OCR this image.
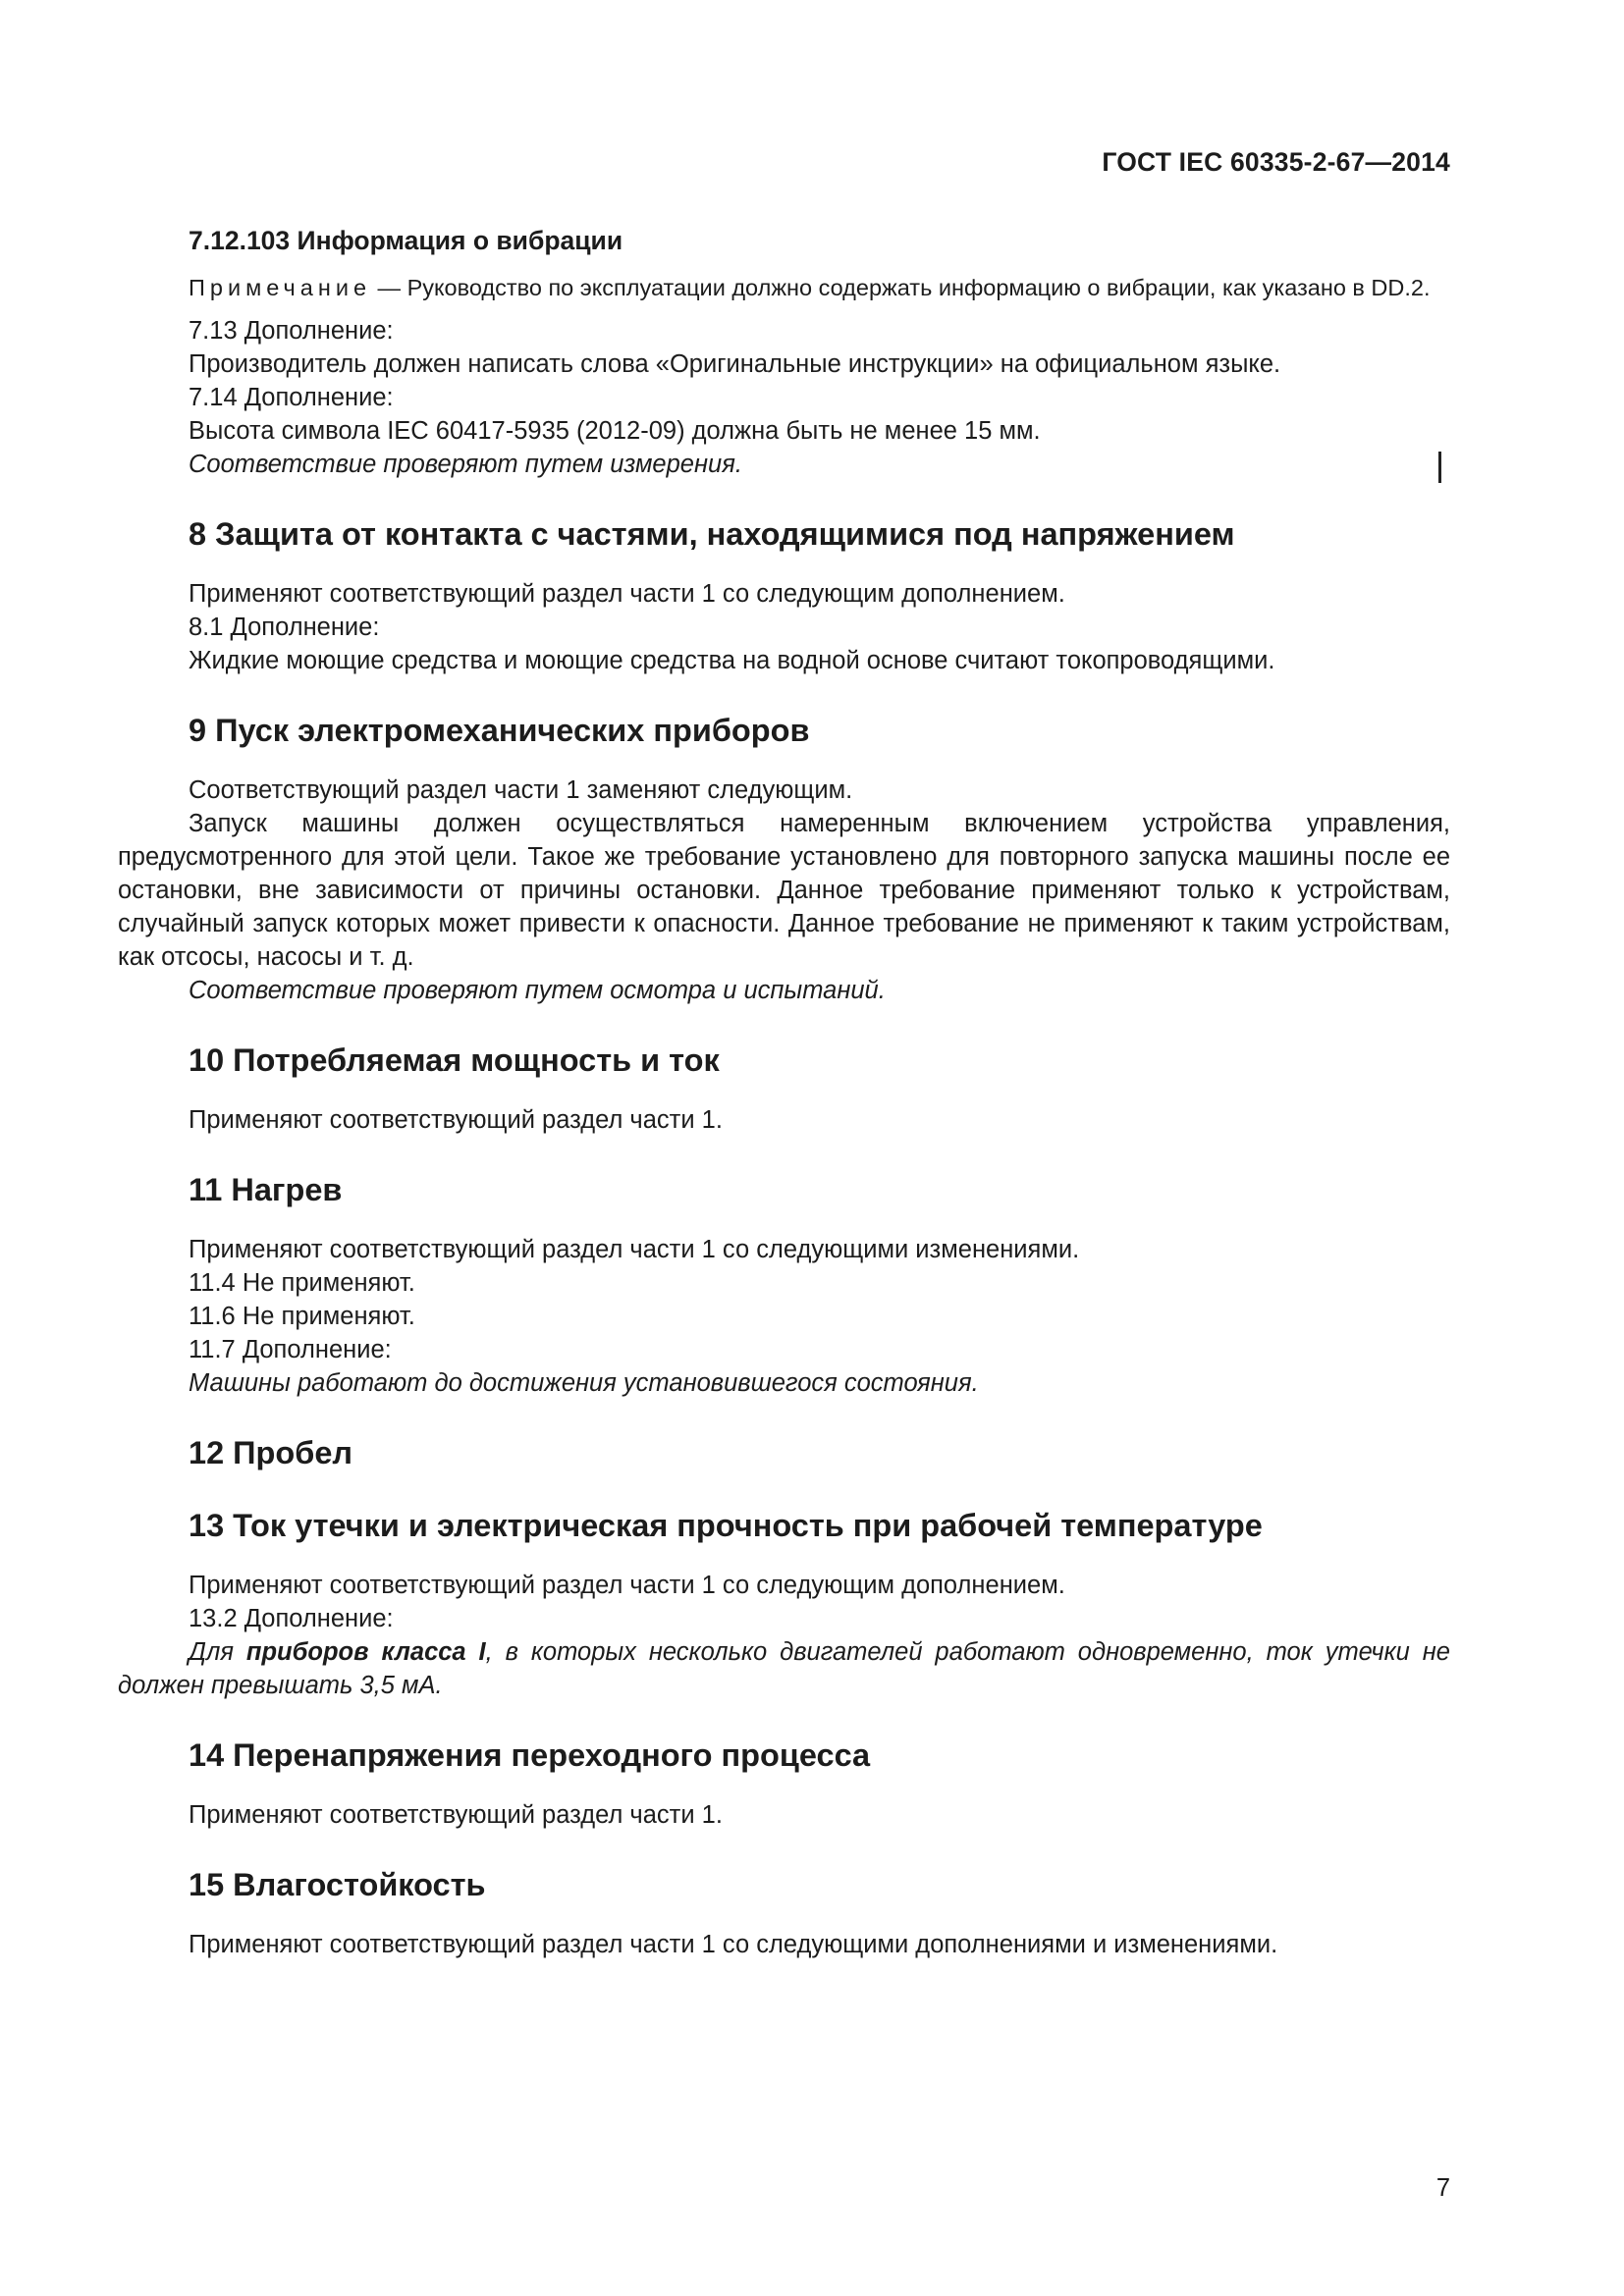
ГОСТ IEC 60335-2-67—2014
7.12.103 Информация о вибрации
Примечание — Руководство по эксплуатации должно содержать информацию о вибрации, как указано в DD.2.
7.13 Дополнение:
Производитель должен написать слова «Оригинальные инструкции» на официальном языке.
7.14 Дополнение:
Высота символа IEC 60417-5935 (2012-09) должна быть не менее 15 мм.
Соответствие проверяют путем измерения.
8 Защита от контакта с частями, находящимися под напряжением
Применяют соответствующий раздел части 1 со следующим дополнением.
8.1 Дополнение:
Жидкие моющие средства и моющие средства на водной основе считают токопроводящими.
9 Пуск электромеханических приборов
Соответствующий раздел части 1 заменяют следующим.
Запуск машины должен осуществляться намеренным включением устройства управления, предусмотренного для этой цели. Такое же требование установлено для повторного запуска машины после ее остановки, вне зависимости от причины остановки. Данное требование применяют только к устройствам, случайный запуск которых может привести к опасности. Данное требование не применяют к таким устройствам, как отсосы, насосы и т. д.
Соответствие проверяют путем осмотра и испытаний.
10 Потребляемая мощность и ток
Применяют соответствующий раздел части 1.
11 Нагрев
Применяют соответствующий раздел части 1 со следующими изменениями.
11.4 Не применяют.
11.6 Не применяют.
11.7 Дополнение:
Машины работают до достижения установившегося состояния.
12 Пробел
13 Ток утечки и электрическая прочность при рабочей температуре
Применяют соответствующий раздел части 1 со следующим дополнением.
13.2 Дополнение:
Для приборов класса I, в которых несколько двигателей работают одновременно, ток утечки не должен превышать 3,5 мА.
14 Перенапряжения переходного процесса
Применяют соответствующий раздел части 1.
15 Влагостойкость
Применяют соответствующий раздел части 1 со следующими дополнениями и изменениями.
7
